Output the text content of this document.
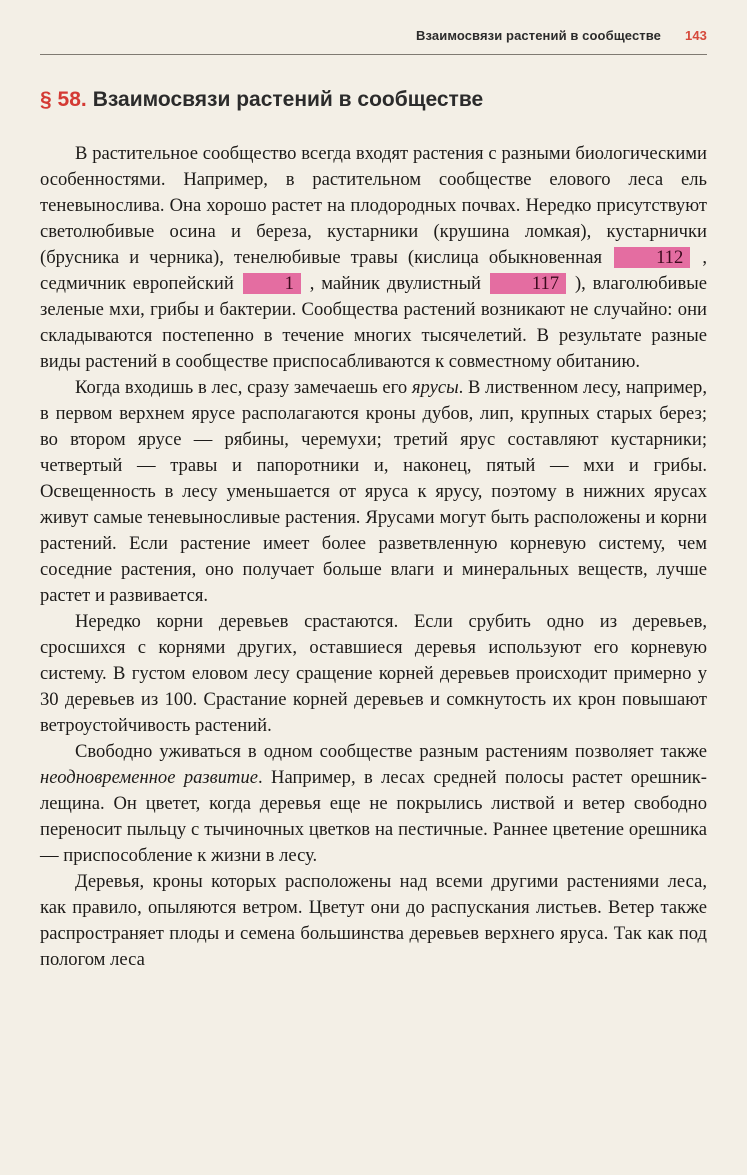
Взаимосвязи растений в сообществе 143
§ 58. Взаимосвязи растений в сообществе

В растительное сообщество всегда входят растения с разными биологическими особенностями. Например, в растительном сообществе елового леса ель теневынослива. Она хорошо растет на плодородных почвах. Нередко присутствуют светолюбивые осина и береза, кустарники (крушина ломкая), кустарнички (брусника и черника), тенелюбивые травы (кислица обыкновенная	112 , седмичник европейский	1 , майник двулистный	117 ), влаголюбивые зеленые мхи, грибы и бактерии. Сообщества растений возникают не случайно: они складываются постепенно в течение многих тысячелетий. В результате разные виды растений в сообществе приспосабливаются к совместному обитанию.

Когда входишь в лес, сразу замечаешь его ярусы. В лиственном лесу, например, в первом верхнем ярусе располагаются кроны дубов, лип, крупных старых берез; во втором ярусе — рябины, черемухи; третий ярус составляют кустарники; четвертый — травы и папоротники и, наконец, пятый — мхи и грибы. Освещенность в лесу уменьшается от яруса к ярусу, поэтому в нижних ярусах живут самые теневыносливые растения. Ярусами могут быть расположены и корни растений. Если растение имеет более разветвленную корневую систему, чем соседние растения, оно получает больше влаги и минеральных веществ, лучше растет и развивается.

Нередко корни деревьев срастаются. Если срубить одно из деревьев, сросшихся с корнями других, оставшиеся деревья используют его корневую систему. В густом еловом лесу сращение корней деревьев происходит примерно у 30 деревьев из 100. Срастание корней деревьев и сомкнутость их крон повышают ветроустойчивость растений.

Свободно уживаться в одном сообществе разным растениям позволяет также неодновременное развитие. Например, в лесах средней полосы растет орешник-лещина. Он цветет, когда деревья еще не покрылись листвой и ветер свободно переносит пыльцу с тычиночных цветков на пестичные. Раннее цветение орешника — приспособление к жизни в лесу.

Деревья, кроны которых расположены над всеми другими растениями леса, как правило, опыляются ветром. Цветут они до распускания листьев. Ветер также распространяет плоды и семена большинства деревьев верхнего яруса. Так как под пологом леса
